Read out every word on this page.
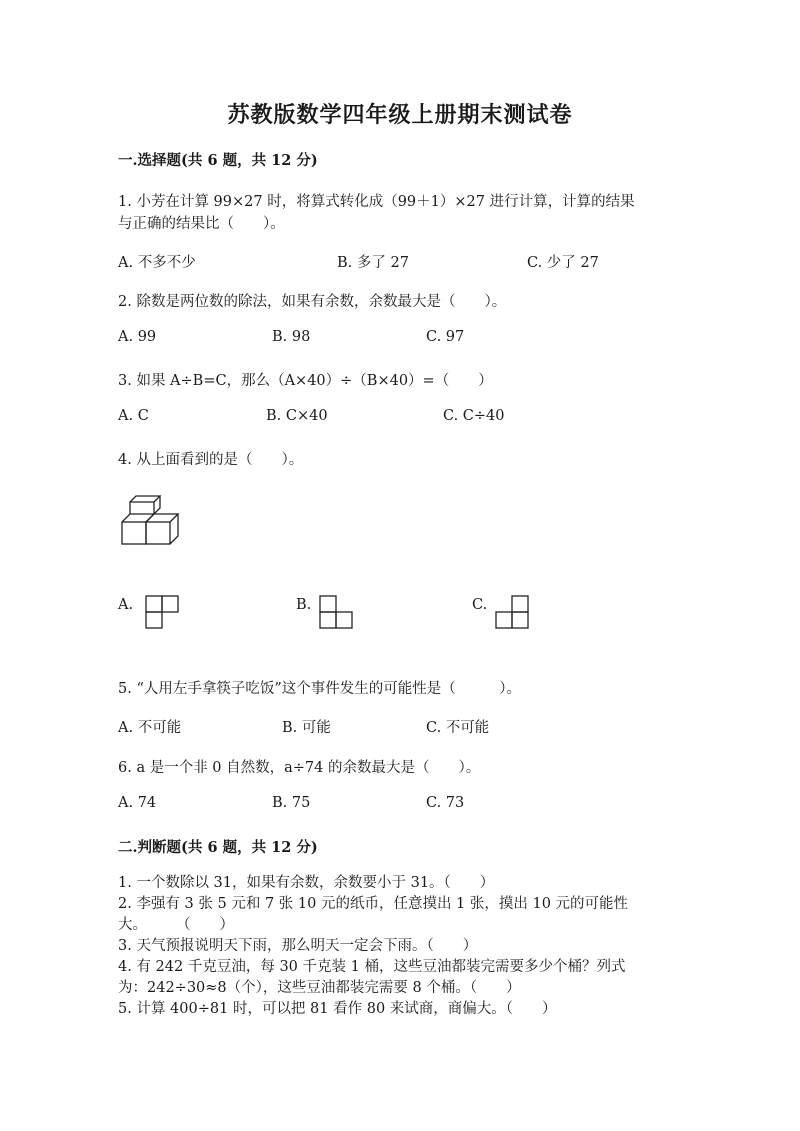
苏教版数学四年级上册期末测试卷
一.选择题(共 6 题，共 12 分)
1. 小芳在计算 99×27 时，将算式转化成（99＋1）×27 进行计算，计算的结果
与正确的结果比（　　）。
A. 不多不少	B. 多了 27	C. 少了 27
2. 除数是两位数的除法，如果有余数，余数最大是（　　）。
A. 99	B. 98	C. 97
3. 如果 A÷B=C，那么（A×40）÷（B×40）=（　　）
A. C	B. C×40	C. C÷40
4. 从上面看到的是（　　）。
A.	B.	C.
5. “人用左手拿筷子吃饭”这个事件发生的可能性是（　　　）。
A. 不可能	B. 可能	C. 不可能
6. a 是一个非 0 自然数，a÷74 的余数最大是（　　）。
A. 74	B. 75	C. 73
二.判断题(共 6 题，共 12 分)
1. 一个数除以 31，如果有余数，余数要小于 31。（　　）
2. 李强有 3 张 5 元和 7 张 10 元的纸币，任意摸出 1 张，摸出 10 元的可能性
大。　　　（　　）
3. 天气预报说明天下雨，那么明天一定会下雨。（　　）
4. 有 242 千克豆油，每 30 千克装 1 桶，这些豆油都装完需要多少个桶？列式
为：242÷30≈8（个），这些豆油都装完需要 8 个桶。（　　）
5. 计算 400÷81 时，可以把 81 看作 80 来试商，商偏大。（　　）
